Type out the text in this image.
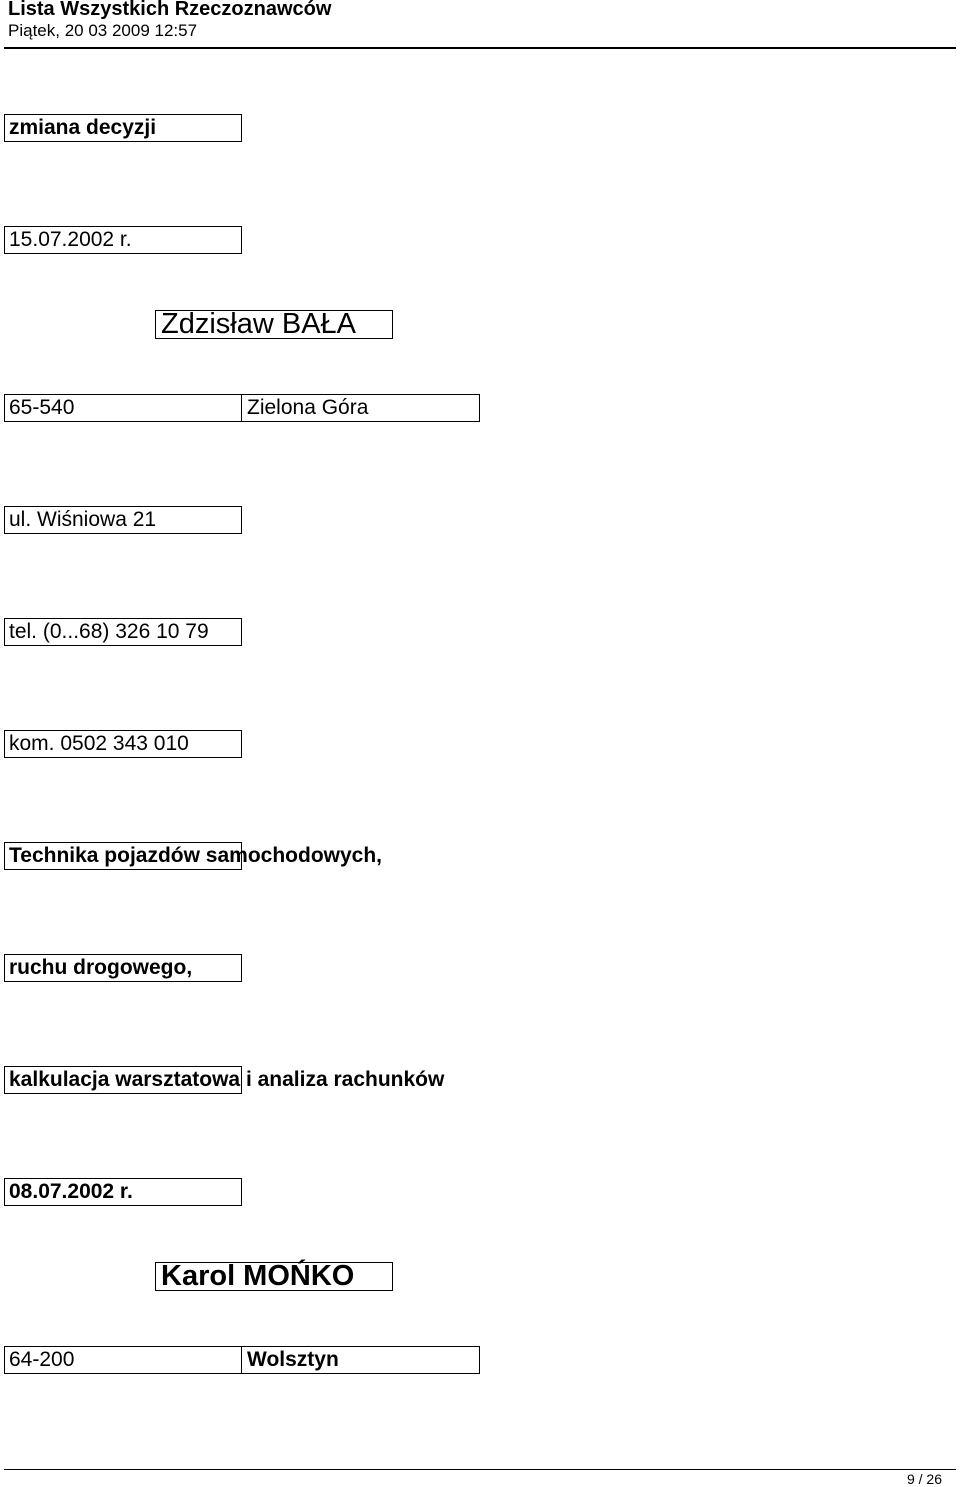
Lista Wszystkich Rzeczoznawców
Piątek, 20 03 2009 12:57
zmiana decyzji
15.07.2002 r.
Zdzisław BAŁA
65-540	Zielona Góra
ul. Wiśniowa 21
tel. (0...68) 326 10 79
kom. 0502 343 010
Technika pojazdów samochodowych,
ruchu drogowego,
kalkulacja warsztatowa i analiza rachunków
08.07.2002 r.
Karol MOŃKO
64-200	Wolsztyn
9 / 26
